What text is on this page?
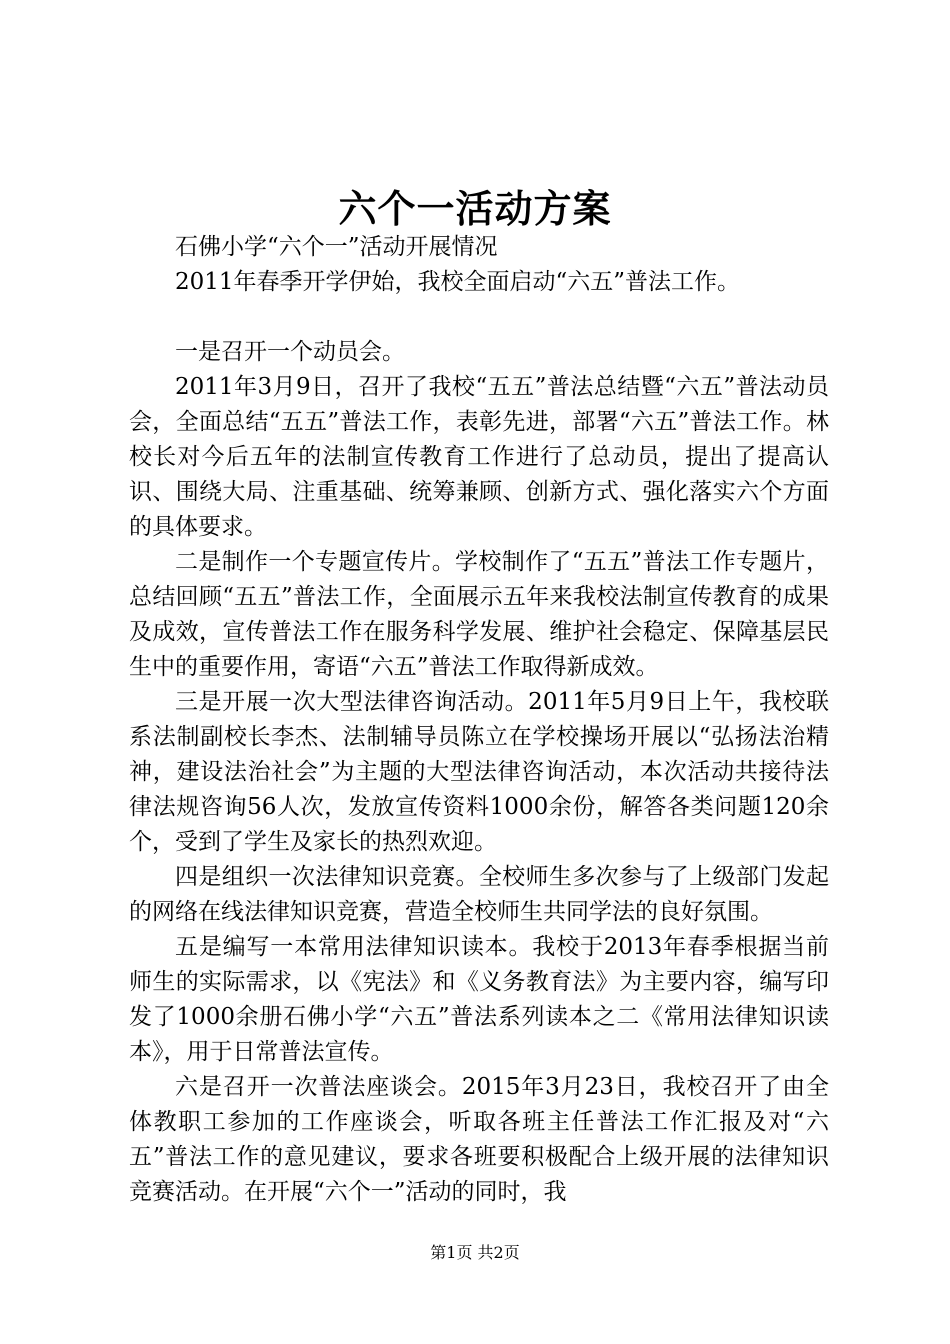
六个一活动方案

石佛小学“六个一”活动开展情况

2011年春季开学伊始，我校全面启动“六五”普法工作。

一是召开一个动员会。

2011年3月9日，召开了我校“五五”普法总结暨“六五”普法动员会，全面总结“五五”普法工作，表彰先进，部署“六五”普法工作。林校长对今后五年的法制宣传教育工作进行了总动员，提出了提高认识、围绕大局、注重基础、统筹兼顾、创新方式、强化落实六个方面的具体要求。

二是制作一个专题宣传片。学校制作了“五五”普法工作专题片，总结回顾“五五”普法工作，全面展示五年来我校法制宣传教育的成果及成效，宣传普法工作在服务科学发展、维护社会稳定、保障基层民生中的重要作用，寄语“六五”普法工作取得新成效。

三是开展一次大型法律咨询活动。2011年5月9日上午，我校联系法制副校长李杰、法制辅导员陈立在学校操场开展以“弘扬法治精神，建设法治社会”为主题的大型法律咨询活动，本次活动共接待法律法规咨询56人次，发放宣传资料1000余份，解答各类问题120余个，受到了学生及家长的热烈欢迎。

四是组织一次法律知识竞赛。全校师生多次参与了上级部门发起的网络在线法律知识竞赛，营造全校师生共同学法的良好氛围。

五是编写一本常用法律知识读本。我校于2013年春季根据当前师生的实际需求，以《宪法》和《义务教育法》为主要内容，编写印发了1000余册石佛小学“六五”普法系列读本之二《常用法律知识读本》，用于日常普法宣传。

六是召开一次普法座谈会。2015年3月23日，我校召开了由全体教职工参加的工作座谈会，听取各班主任普法工作汇报及对“六五”普法工作的意见建议，要求各班要积极配合上级开展的法律知识竞赛活动。在开展“六个一”活动的同时，我

第1页 共2页
